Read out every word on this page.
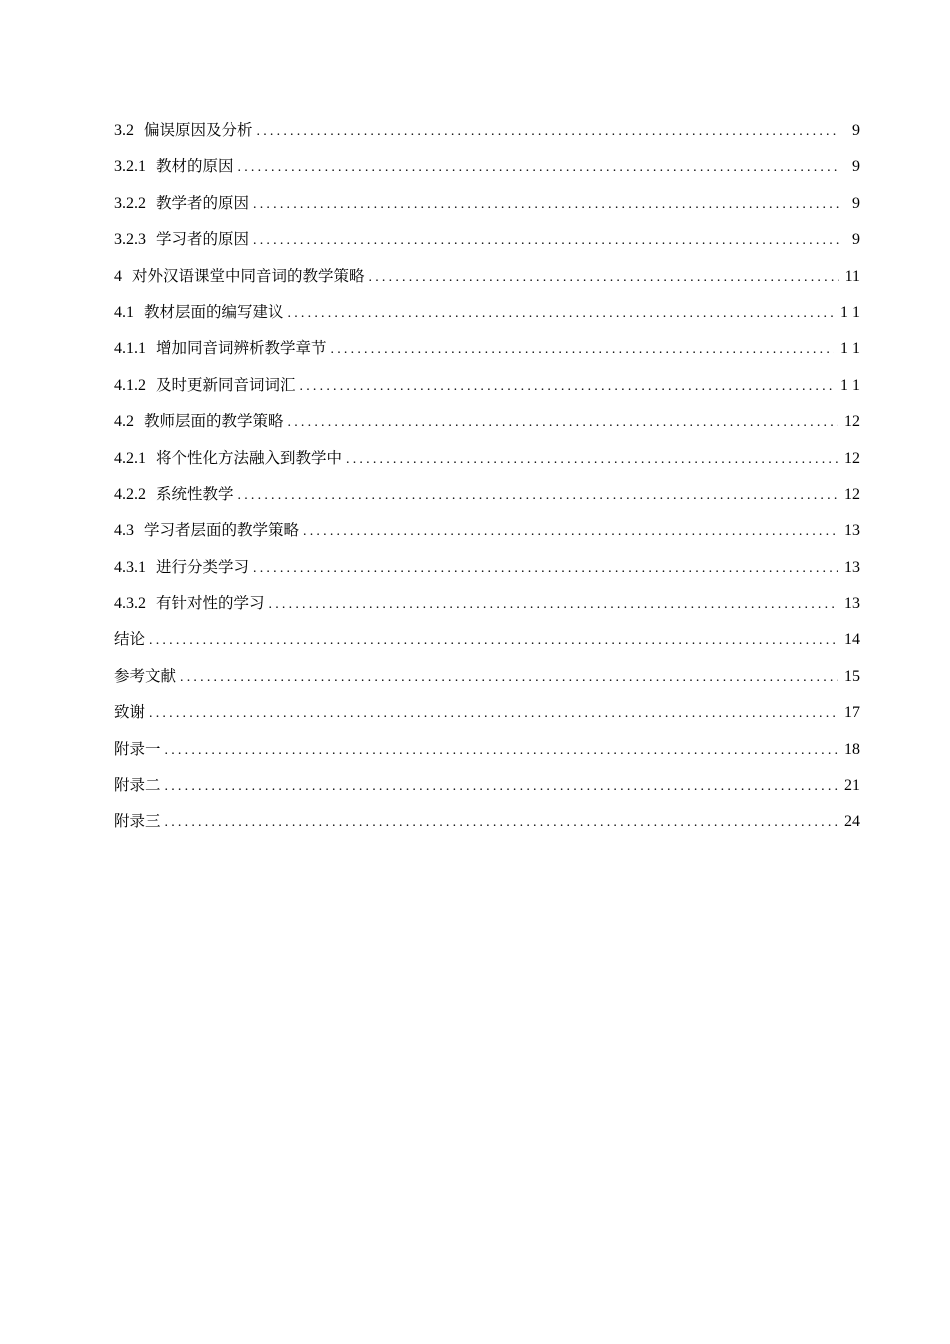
3.2 偏误原因及分析 .....	9
3.2.1 教材的原因 .....	9
3.2.2 教学者的原因 .....	9
3.2.3 学习者的原因 .....	9
4 对外汉语课堂中同音词的教学策略 .....	11
4.1 教材层面的编写建议 .....	1 1
4.1.1 增加同音词辨析教学章节 .....	1 1
4.1.2 及时更新同音词词汇 .....	1 1
4.2 教师层面的教学策略 .....	12
4.2.1 将个性化方法融入到教学中 .....	12
4.2.2 系统性教学 .....	12
4.3 学习者层面的教学策略 .....	13
4.3.1 进行分类学习 .....	13
4.3.2 有针对性的学习 .....	13
结论 .....	14
参考文献 .....	15
致谢 .....	17
附录一 .....	18
附录二 .....	21
附录三 .....	24
